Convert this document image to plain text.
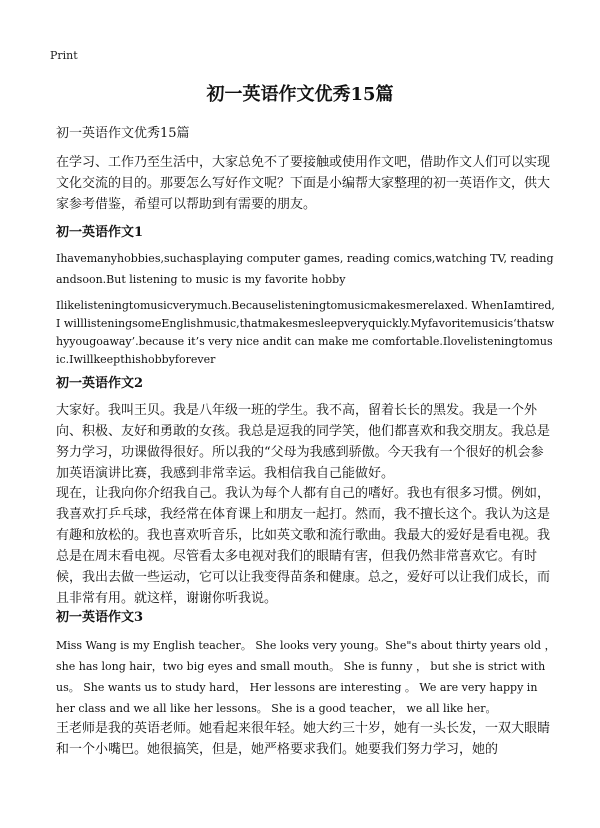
Print
初一英语作文优秀15篇

初一英语作文优秀15篇

在学习、工作乃至生活中，大家总免不了要接触或使用作文吧，借助作文人们可以实现文化交流的目的。那要怎么写好作文呢？下面是小编帮大家整理的初一英语作文，供大家参考借鉴，希望可以帮助到有需要的朋友。

初一英语作文1

Ihavemanyhobbies,suchasplaying computer games, reading comics,watching TV, reading andsoon.But listening to music is my favorite hobby

Ilikelisteningtomusicverymuch.Becauselisteningtomusicmakesmerelaxed. WhenIamtired,I willlisteningsomeEnglishmusic,thatmakesmesleepveryquickly.Myfavoritemusicis‘thatsw hyyougoaway’.because it’s very nice andit can make me comfortable.Ilovelisteningtomusic.Iwillkeepthishobbyforever

初一英语作文2

大家好。我叫王贝。我是八年级一班的学生。我不高，留着长长的黑发。我是一个外向、积极、友好和勇敢的女孩。我总是逗我的同学笑，他们都喜欢和我交朋友。我总是努力学习，功课做得很好。所以我的“父母为我感到骄傲。今天我有一个很好的机会参加英语演讲比赛，我感到非常幸运。我相信我自己能做好。

现在，让我向你介绍我自己。我认为每个人都有自己的嗜好。我也有很多习惯。例如，我喜欢打乒乓球，我经常在体育课上和朋友一起打。然而，我不擅长这个。我认为这是有趣和放松的。我也喜欢听音乐，比如英文歌和流行歌曲。我最大的爱好是看电视。我总是在周末看电视。尽管看太多电视对我们的眼睛有害，但我仍然非常喜欢它。有时候，我出去做一些运动，它可以让我变得苗条和健康。总之，爱好可以让我们成长，而且非常有用。就这样，谢谢你听我说。

初一英语作文3

Miss Wang is my English teacher。 She looks very young。She"s about thirty years old ， she has long hair，two big eyes and small mouth。 She is funny ， but she is strict with us。 She wants us to study hard， Her lessons are interesting 。 We are very happy in her class and we all like her lessons。 She is a good teacher， we all like her。

王老师是我的英语老师。她看起来很年轻。她大约三十岁，她有一头长发，一双大眼睛和一个小嘴巴。她很搞笑，但是，她严格要求我们。她要我们努力学习，她的
